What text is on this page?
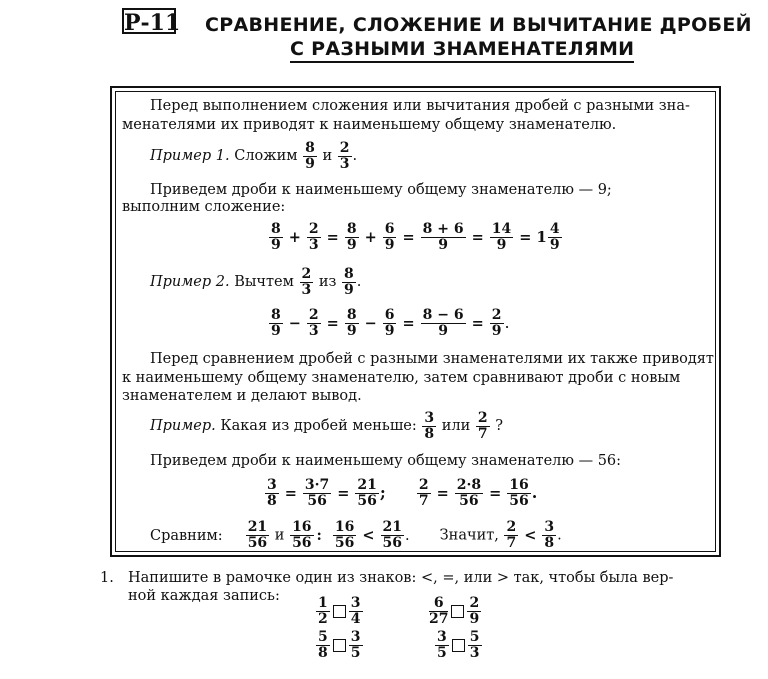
Р-11 СРАВНЕНИЕ, СЛОЖЕНИЕ И ВЫЧИТАНИЕ ДРОБЕЙ
С РАЗНЫМИ ЗНАМЕНАТЕЛЯМИ
Перед выполнением сложения или вычитания дробей с разными зна-
менателями их приводят к наименьшему общему знаменателю.
Пример 1. Сложим $\frac{8}{9}$ и $\frac{2}{3}$ .
Приведем дроби к наименьшему общему знаменателю — 9;
выполним сложение:
$\frac{8}{9} + \frac{2}{3} = \frac{8}{9} + \frac{6}{9} = \frac{8 + 6}{9} = \frac{14}{9} = 1 \frac{4}{9}$
Пример 2. Вычтем $\frac{2}{3}$ из $\frac{8}{9}$ .
$\frac{8}{9} - \frac{2}{3} = \frac{8}{9} - \frac{6}{9} = \frac{8 - 6}{9} = \frac{2}{9}$ .
Перед сравнением дробей с разными знаменателями их также приводят
к наименьшему общему знаменателю, затем сравнивают дроби с новым
знаменателем и делают вывод.
Пример. Какая из дробей меньше: $\frac{3}{8}$ или $\frac{2}{7}$ ?
Приведем дроби к наименьшему общему знаменателю — 56:
$\frac{3}{8} = \frac{3\cdot 7}{56} = \frac{21}{56}$ ; $\frac{2}{7} = \frac{2\cdot 8}{56} = \frac{16}{56}$ .
Сравним: $\frac{21}{56}$ и $\frac{16}{56}$ : $\frac{16}{56} < \frac{21}{56}$ . Значит, $\frac{2}{7} < \frac{3}{8}$ .
1. Напишите в рамочке один из знаков: <, =, или > так, чтобы была вер-
ной каждая запись:	$\frac{1}{2} \frac{3}{4}$	$\frac{6}{27} \frac{2}{9}$
$\frac{5}{8} \frac{3}{5}$	$\frac{3}{5} \frac{5}{3}$
